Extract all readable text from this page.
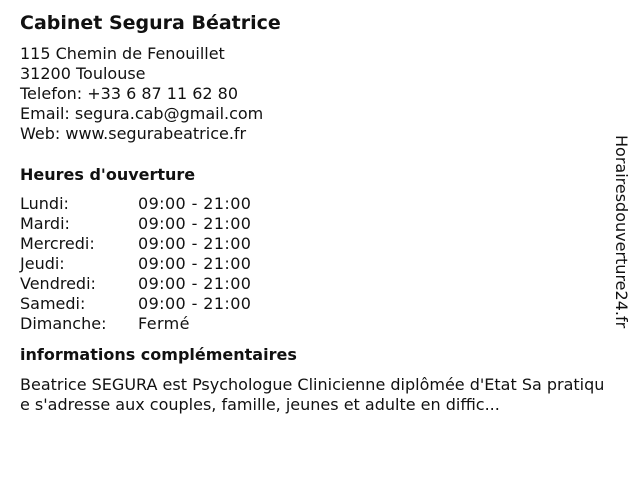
Cabinet Segura Béatrice
115 Chemin de Fenouillet
31200 Toulouse
Telefon: +33 6 87 11 62 80
Email: segura.cab@gmail.com
Web: www.segurabeatrice.fr
Heures d'ouverture
Lundi:	09:00 - 21:00
Mardi:	09:00 - 21:00
Mercredi:	09:00 - 21:00
Jeudi:	09:00 - 21:00
Vendredi:	09:00 - 21:00
Samedi:	09:00 - 21:00
Dimanche:	Fermé
informations complémentaires
Beatrice SEGURA est Psychologue Clinicienne diplômée d'Etat Sa pratique s'adresse aux couples, famille, jeunes et adulte en diffic...
Horairesdouverture24.fr
